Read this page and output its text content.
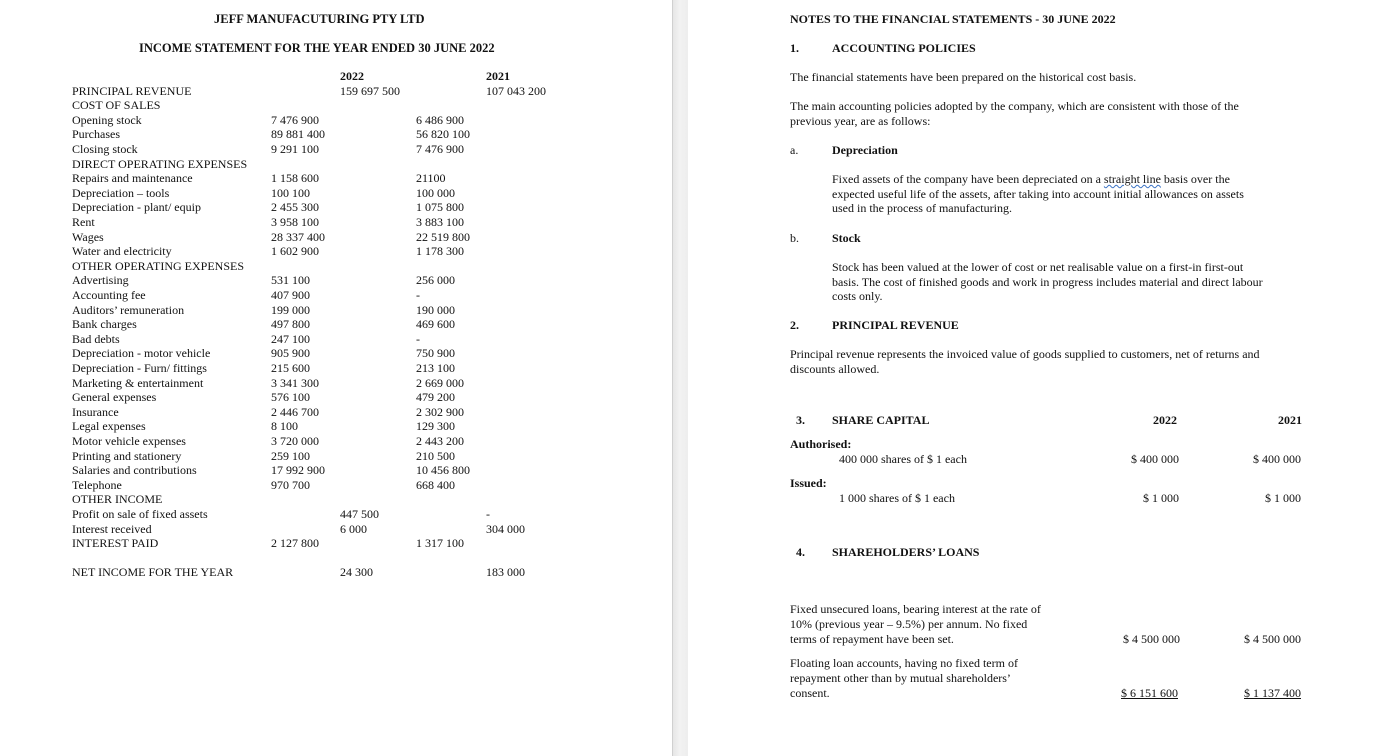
JEFF MANUFACUTURING PTY LTD
INCOME STATEMENT FOR THE YEAR ENDED 30 JUNE 2022
2022	2021
PRINCIPAL REVENUE	159 697 500	107 043 200
COST OF SALES
Opening stock	7 476 900	6 486 900
Purchases	89 881 400	56 820 100
Closing stock	9 291 100	7 476 900
DIRECT OPERATING EXPENSES
Repairs and maintenance	1 158 600	21100
Depreciation – tools	100 100	100 000
Depreciation - plant/ equip	2 455 300	1 075 800
Rent	3 958 100	3 883 100
Wages	28 337 400	22 519 800
Water and electricity	1 602 900	1 178 300
OTHER OPERATING EXPENSES
Advertising	531 100	256 000
Accounting fee	407 900	-
Auditors’ remuneration	199 000	190 000
Bank charges	497 800	469 600
Bad debts	247 100	-
Depreciation - motor vehicle	905 900	750 900
Depreciation - Furn/ fittings	215 600	213 100
Marketing & entertainment	3 341 300	2 669 000
General expenses	576 100	479 200
Insurance	2 446 700	2 302 900
Legal expenses	8 100	129 300
Motor vehicle expenses	3 720 000	2 443 200
Printing and stationery	259 100	210 500
Salaries and contributions	17 992 900	10 456 800
Telephone	970 700	668 400
OTHER INCOME
Profit on sale of fixed assets	447 500	-
Interest received	6 000	304 000
INTEREST PAID	2 127 800	1 317 100
NET INCOME FOR THE YEAR	24 300	183 000
NOTES TO THE FINANCIAL STATEMENTS - 30 JUNE 2022
1.	ACCOUNTING POLICIES
The financial statements have been prepared on the historical cost basis.
The main accounting policies adopted by the company, which are consistent with those of the
previous year, are as follows:
a.	Depreciation
Fixed assets of the company have been depreciated on a straight line basis over the
expected useful life of the assets, after taking into account initial allowances on assets
used in the process of manufacturing.
b.	Stock
Stock has been valued at the lower of cost or net realisable value on a first-in first-out
basis. The cost of finished goods and work in progress includes material and direct labour
costs only.
2.	PRINCIPAL REVENUE
Principal revenue represents the invoiced value of goods supplied to customers, net of returns and
discounts allowed.
3. SHARE CAPITAL	2022	2021
Authorised:
400 000 shares of $ 1 each	$ 400 000	$ 400 000
Issued:
1 000 shares of $ 1 each	$ 1 000	$ 1 000
4. SHAREHOLDERS’ LOANS
Fixed unsecured loans, bearing interest at the rate of
10% (previous year – 9.5%) per annum. No fixed
terms of repayment have been set.	$ 4 500 000	$ 4 500 000
Floating loan accounts, having no fixed term of
repayment other than by mutual shareholders’
consent.	$ 6 151 600	$ 1 137 400
